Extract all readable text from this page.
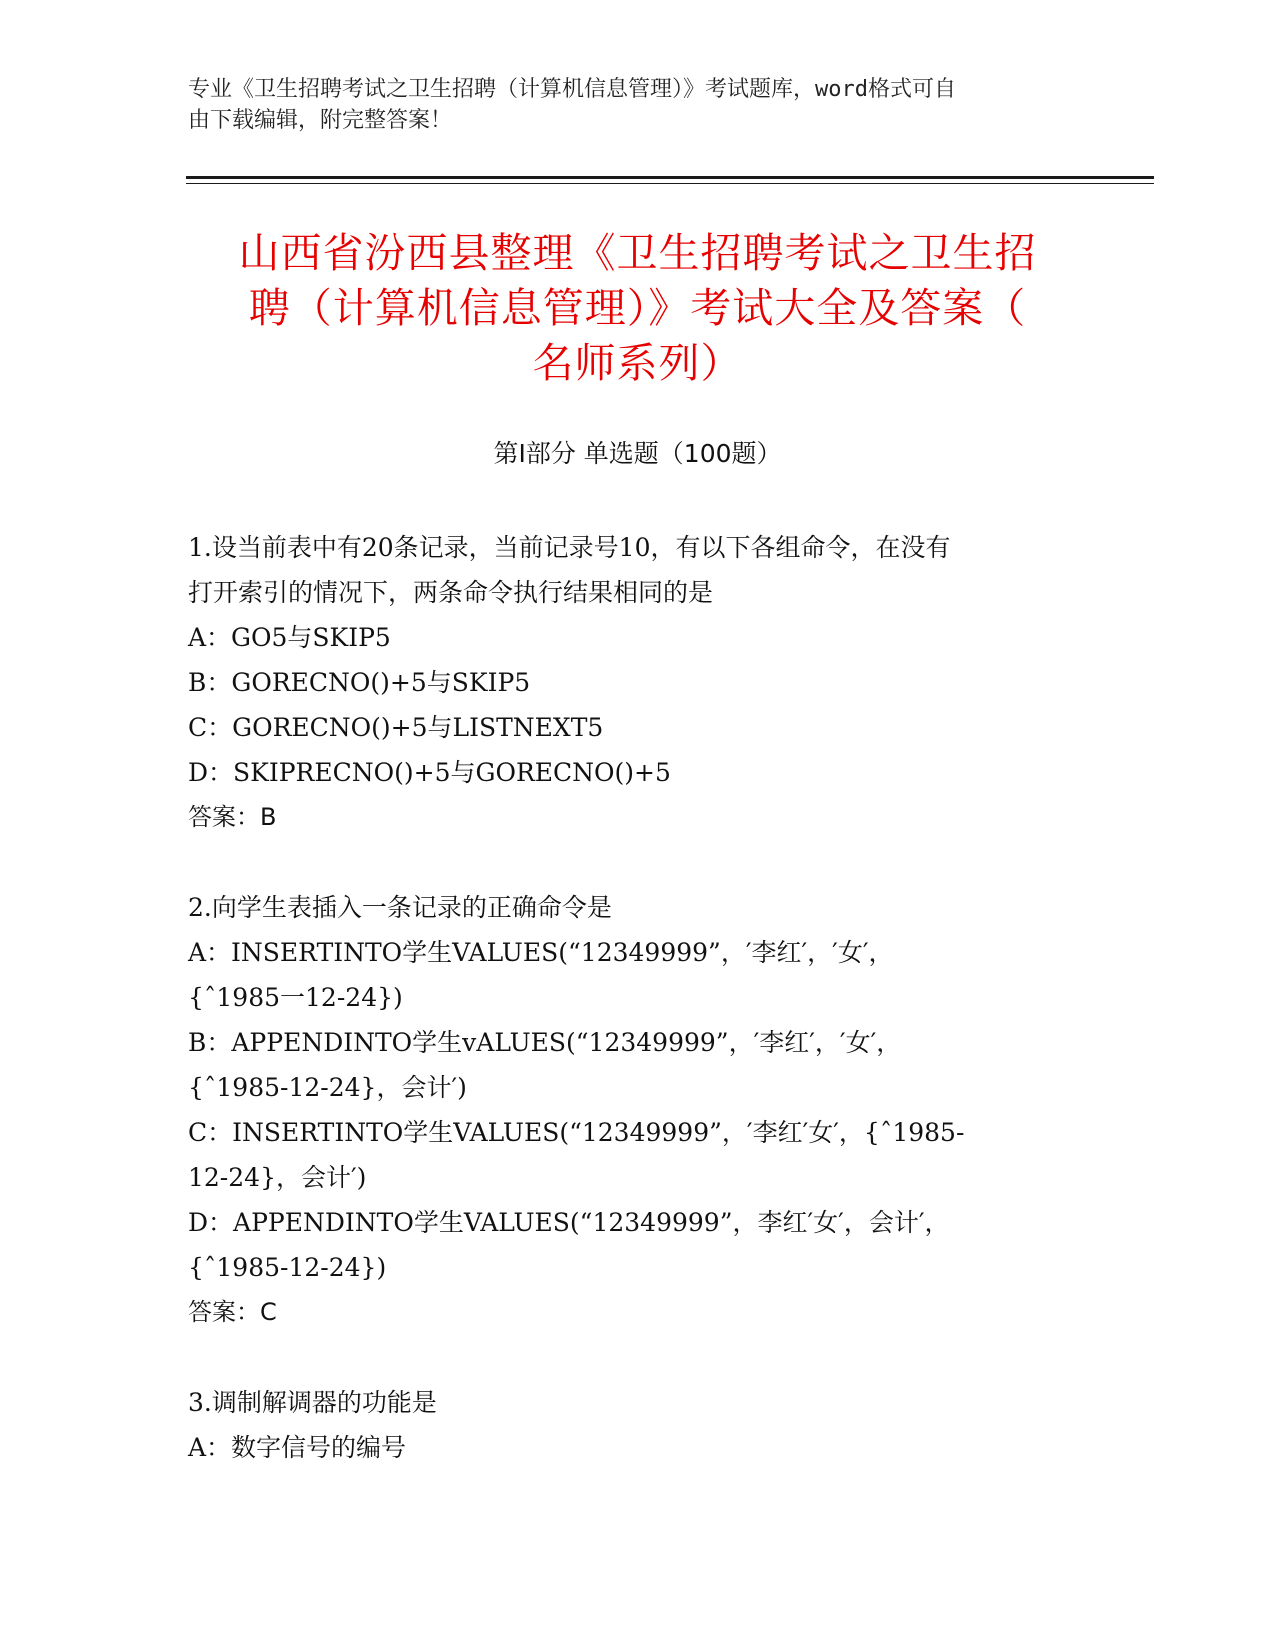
专业《卫生招聘考试之卫生招聘（计算机信息管理）》考试题库，word格式可自
由下载编辑，附完整答案！
山西省汾西县整理《卫生招聘考试之卫生招
聘（计算机信息管理）》考试大全及答案（
名师系列）
第Ⅰ部分 单选题（100题）
1.设当前表中有20条记录，当前记录号10，有以下各组命令，在没有
打开索引的情况下，两条命令执行结果相同的是
A：GO5与SKIP5
B：GORECNO()+5与SKIP5
C：GORECNO()+5与LISTNEXT5
D：SKIPRECNO()+5与GORECNO()+5
答案：B
2.向学生表插入一条记录的正确命令是
A：INSERTINTO学生VALUES(“12349999”，′李红′，′女′，
{ˆ1985一12-24})
B：APPENDINTO学生vALUES(“12349999”，′李红′，′女′，
{ˆ1985-12-24}，会计′)
C：INSERTINTO学生VALUES(“12349999”，′李红′女′，{ˆ1985-
12-24}，会计′)
D：APPENDINTO学生VALUES(“12349999”，李红′女′，会计′，
{ˆ1985-12-24})
答案：C
3.调制解调器的功能是
A：数字信号的编号
